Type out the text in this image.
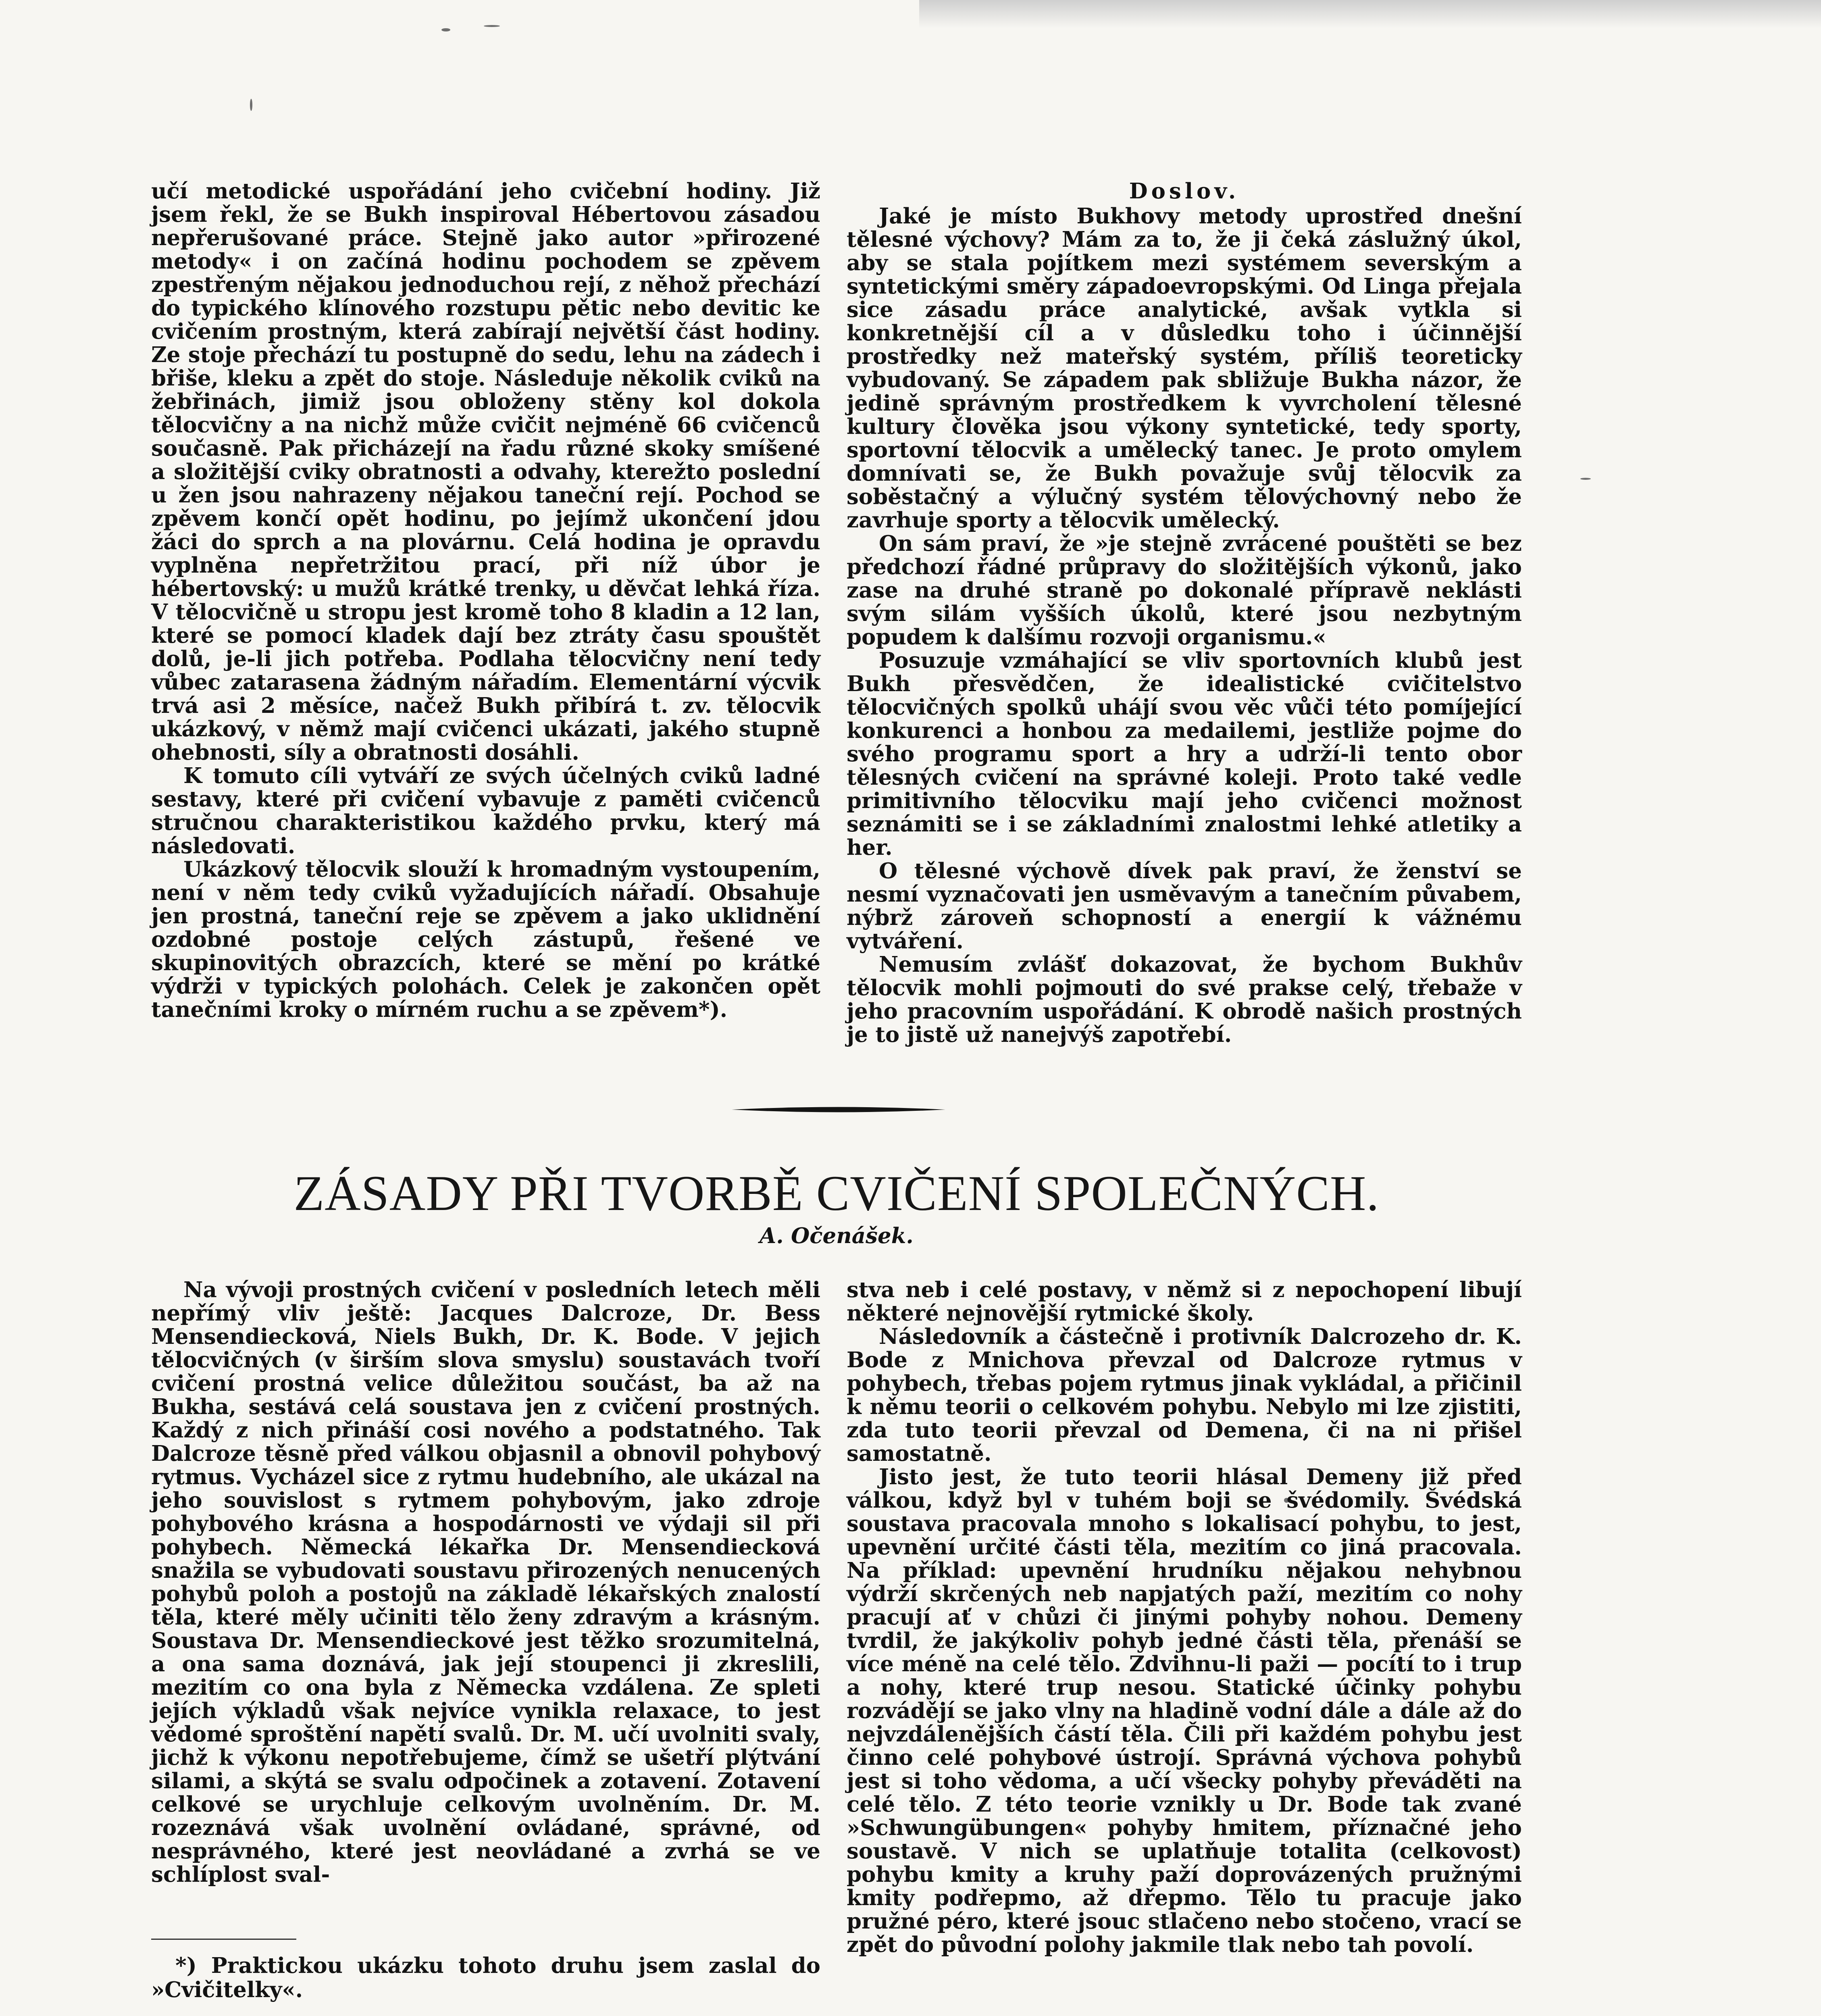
učí metodické uspořádání jeho cvičební hodiny. Již jsem řekl, že se Bukh inspiroval Hébertovou zásadou nepřerušované práce. Stejně jako autor »přirozené metody« i on začíná hodinu pochodem se zpěvem zpestřeným nějakou jednoduchou rejí, z něhož přechází do typického klínového rozstupu pětic nebo devitic ke cvičením prostným, která zabírají největší část hodiny. Ze stoje přechází tu postupně do sedu, lehu na zádech i břiše, kleku a zpět do stoje. Následuje několik cviků na žebřinách, jimiž jsou obloženy stěny kol dokola tělocvičny a na nichž může cvičit nejméně 66 cvičenců současně. Pak přicházejí na řadu různé skoky smíšené a složitější cviky obratnosti a odvahy, kterežto poslední u žen jsou nahrazeny nějakou taneční rejí. Pochod se zpěvem končí opět hodinu, po jejímž ukončení jdou žáci do sprch a na plovárnu. Celá hodina je opravdu vyplněna nepřetržitou prací, při níž úbor je hébertovský: u mužů krátké trenky, u děvčat lehká říza. V tělocvičně u stropu jest kromě toho 8 kladin a 12 lan, které se pomocí kladek dají bez ztráty času spouštět dolů, je-li jich potřeba. Podlaha tělocvičny není tedy vůbec zatarasena žádným nářadím. Elementární výcvik trvá asi 2 měsíce, načež Bukh přibírá t. zv. tělocvik ukázkový, v němž mají cvičenci ukázati, jakého stupně ohebnosti, síly a obratnosti dosáhli.

K tomuto cíli vytváří ze svých účelných cviků ladné sestavy, které při cvičení vybavuje z paměti cvičenců stručnou charakteristikou každého prvku, který má následovati.

Ukázkový tělocvik slouží k hromadným vystoupením, není v něm tedy cviků vyžadujících nářadí. Obsahuje jen prostná, taneční reje se zpěvem a jako uklidnění ozdobné postoje celých zástupů, řešené ve skupinovitých obrazcích, které se mění po krátké výdrži v typických polohách. Celek je zakončen opět tanečními kroky o mírném ruchu a se zpěvem*).

Doslov.

Jaké je místo Bukhovy metody uprostřed dnešní tělesné výchovy? Mám za to, že ji čeká záslužný úkol, aby se stala pojítkem mezi systémem severským a syntetickými směry západoevropskými. Od Linga přejala sice zásadu práce analytické, avšak vytkla si konkretnější cíl a v důsledku toho i účinnější prostředky než mateřský systém, příliš teoreticky vybudovaný. Se západem pak sbližuje Bukha názor, že jedině správným prostředkem k vyvrcholení tělesné kultury člověka jsou výkony syntetické, tedy sporty, sportovní tělocvik a umělecký tanec. Je proto omylem domnívati se, že Bukh považuje svůj tělocvik za soběstačný a výlučný systém tělovýchovný nebo že zavrhuje sporty a tělocvik umělecký.

On sám praví, že »je stejně zvrácené pouštěti se bez předchozí řádné průpravy do složitějších výkonů, jako zase na druhé straně po dokonalé přípravě neklásti svým silám vyšších úkolů, které jsou nezbytným popudem k dalšímu rozvoji organismu.«

Posuzuje vzmáhající se vliv sportovních klubů jest Bukh přesvědčen, že idealistické cvičitelstvo tělocvičných spolků uhájí svou věc vůči této pomíjející konkurenci a honbou za medailemi, jestliže pojme do svého programu sport a hry a udrží-li tento obor tělesných cvičení na správné koleji. Proto také vedle primitivního tělocviku mají jeho cvičenci možnost seznámiti se i se základními znalostmi lehké atletiky a her.

O tělesné výchově dívek pak praví, že ženství se nesmí vyznačovati jen usměvavým a tanečním půvabem, nýbrž zároveň schopností a energií k vážnému vytváření.

Nemusím zvlášť dokazovat, že bychom Bukhův tělocvik mohli pojmouti do své prakse celý, třebaže v jeho pracovním uspořádání. K obrodě našich prostných je to jistě už nanejvýš zapotřebí.

ZÁSADY PŘI TVORBĚ CVIČENÍ SPOLEČNÝCH.

A. Očenášek.

Na vývoji prostných cvičení v posledních letech měli nepřímý vliv ještě: Jacques Dalcroze, Dr. Bess Mensendiecková, Niels Bukh, Dr. K. Bode. V jejich tělocvičných (v širším slova smyslu) soustavách tvoří cvičení prostná velice důležitou součást, ba až na Bukha, sestává celá soustava jen z cvičení prostných. Každý z nich přináší cosi nového a podstatného. Tak Dalcroze těsně před válkou objasnil a obnovil pohybový rytmus. Vycházel sice z rytmu hudebního, ale ukázal na jeho souvislost s rytmem pohybovým, jako zdroje pohybového krásna a hospodárnosti ve výdaji sil při pohybech. Německá lékařka Dr. Mensendiecková snažila se vybudovati soustavu přirozených nenucených pohybů poloh a postojů na základě lékařských znalostí těla, které měly učiniti tělo ženy zdravým a krásným. Soustava Dr. Mensendieckové jest těžko srozumitelná, a ona sama doznává, jak její stoupenci ji zkreslili, mezitím co ona byla z Německa vzdálena. Ze spleti jejích výkladů však nejvíce vynikla relaxace, to jest vědomé sproštění napětí svalů. Dr. M. učí uvolniti svaly, jichž k výkonu nepotřebujeme, čímž se ušetří plýtvání silami, a skýtá se svalu odpočinek a zotavení. Zotavení celkové se urychluje celkovým uvolněním. Dr. M. rozeznává však uvolnění ovládané, správné, od nesprávného, které jest neovládané a zvrhá se ve schlíplost sval-

stva neb i celé postavy, v němž si z nepochopení libují některé nejnovější rytmické školy.

Následovník a částečně i protivník Dalcrozeho dr. K. Bode z Mnichova převzal od Dalcroze rytmus v pohybech, třebas pojem rytmus jinak vykládal, a přičinil k němu teorii o celkovém pohybu. Nebylo mi lze zjistiti, zda tuto teorii převzal od Demena, či na ni přišel samostatně.

Jisto jest, že tuto teorii hlásal Demeny již před válkou, když byl v tuhém boji se švédomily. Švédská soustava pracovala mnoho s lokalisací pohybu, to jest, upevnění určité části těla, mezitím co jiná pracovala. Na příklad: upevnění hrudníku nějakou nehybnou výdrží skrčených neb napjatých paží, mezitím co nohy pracují ať v chůzi či jinými pohyby nohou. Demeny tvrdil, že jakýkoliv pohyb jedné části těla, přenáší se více méně na celé tělo. Zdvihnu-li paži — pocítí to i trup a nohy, které trup nesou. Statické účinky pohybu rozvádějí se jako vlny na hladině vodní dále a dále až do nejvzdálenějších částí těla. Čili při každém pohybu jest činno celé pohybové ústrojí. Správná výchova pohybů jest si toho vědoma, a učí všecky pohyby převáděti na celé tělo. Z této teorie vznikly u Dr. Bode tak zvané »Schwungübungen« pohyby hmitem, příznačné jeho soustavě. V nich se uplatňuje totalita (celkovost) pohybu kmity a kruhy paží doprovázených pružnými kmity podřepmo, až dřepmo. Tělo tu pracuje jako pružné péro, které jsouc stlačeno nebo stočeno, vrací se zpět do původní polohy jakmile tlak nebo tah povolí.

*) Praktickou ukázku tohoto druhu jsem zaslal do »Cvičitelky«.
